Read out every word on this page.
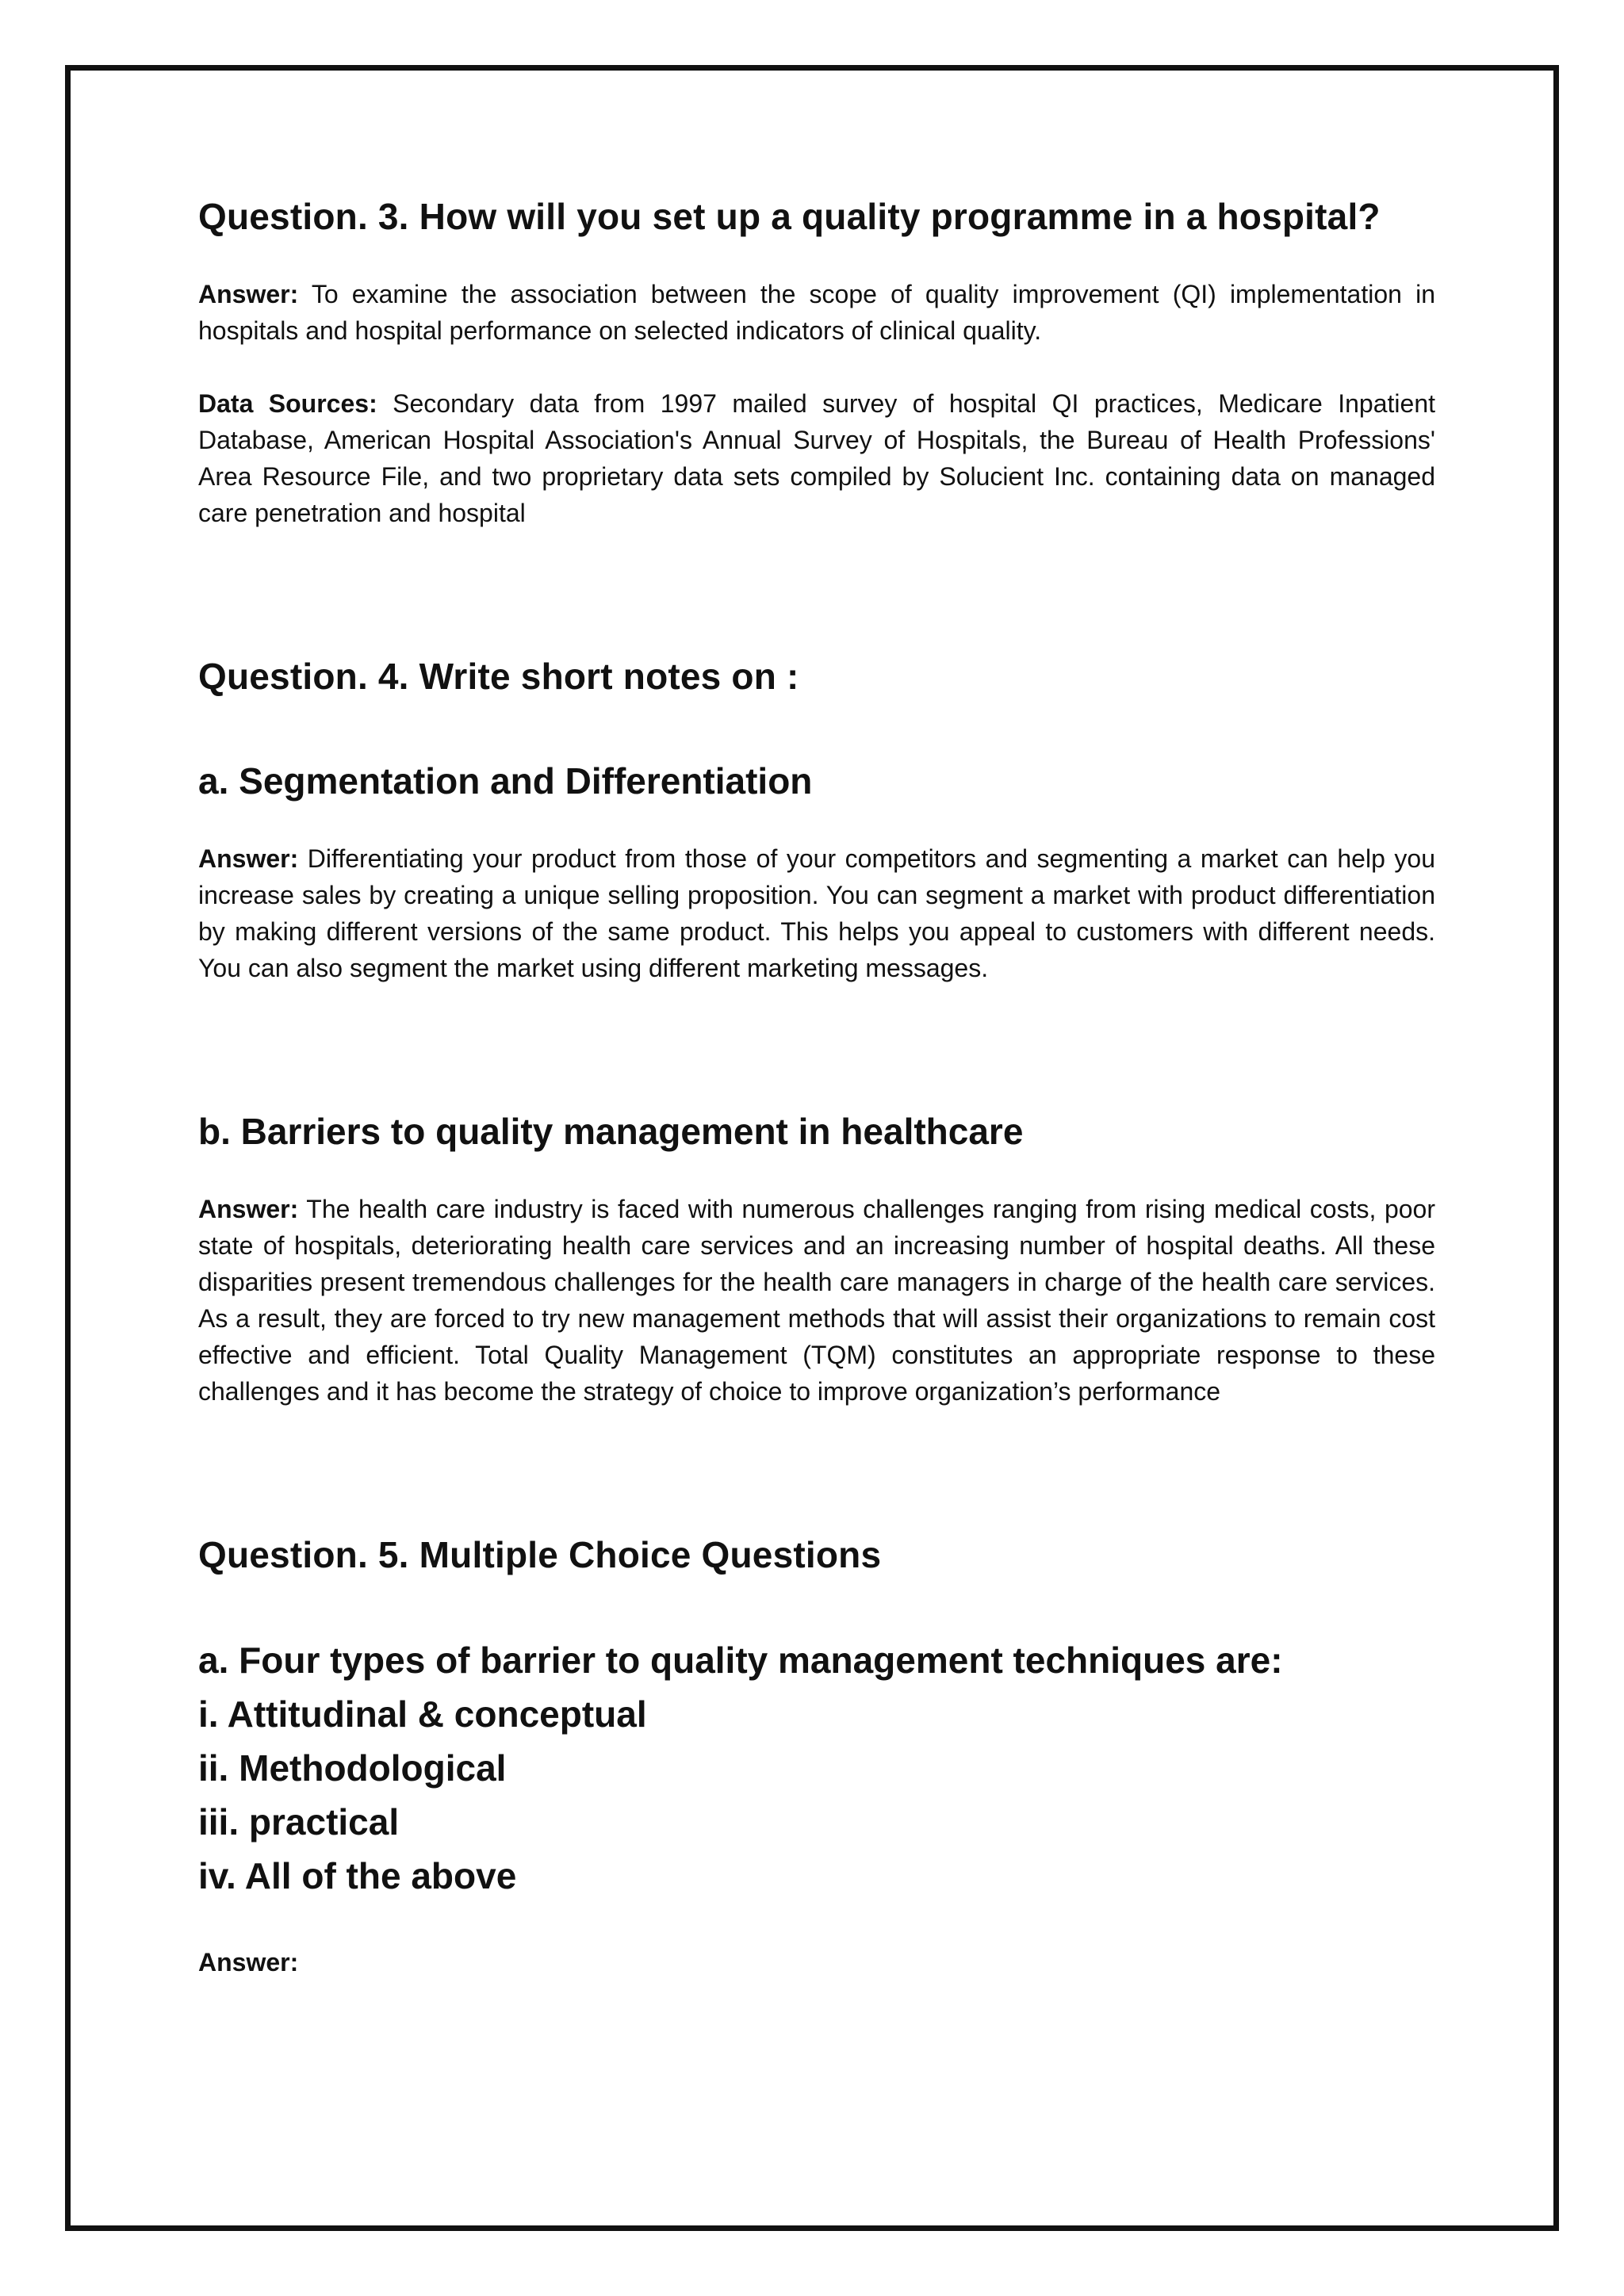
Question. 3. How will you set up a quality programme in a hospital?

Answer: To examine the association between the scope of quality improvement (QI) implementation in hospitals and hospital performance on selected indicators of clinical quality.

Data Sources: Secondary data from 1997 mailed survey of hospital QI practices, Medicare Inpatient Database, American Hospital Association's Annual Survey of Hospitals, the Bureau of Health Professions' Area Resource File, and two proprietary data sets compiled by Solucient Inc. containing data on managed care penetration and hospital

Question. 4. Write short notes on :
a. Segmentation and Differentiation

Answer: Differentiating your product from those of your competitors and segmenting a market can help you increase sales by creating a unique selling proposition. You can segment a market with product differentiation by making different versions of the same product. This helps you appeal to customers with different needs. You can also segment the market using different marketing messages.

b. Barriers to quality management in healthcare

Answer: The health care industry is faced with numerous challenges ranging from rising medical costs, poor state of hospitals, deteriorating health care services and an increasing number of hospital deaths. All these disparities present tremendous challenges for the health care managers in charge of the health care services. As a result, they are forced to try new management methods that will assist their organizations to remain cost effective and efficient. Total Quality Management (TQM) constitutes an appropriate response to these challenges and it has become the strategy of choice to improve organization’s performance

Question. 5. Multiple Choice Questions

a. Four types of barrier to quality management techniques are:

i. Attitudinal & conceptual

ii. Methodological

iii. practical

iv. All of the above

Answer:
